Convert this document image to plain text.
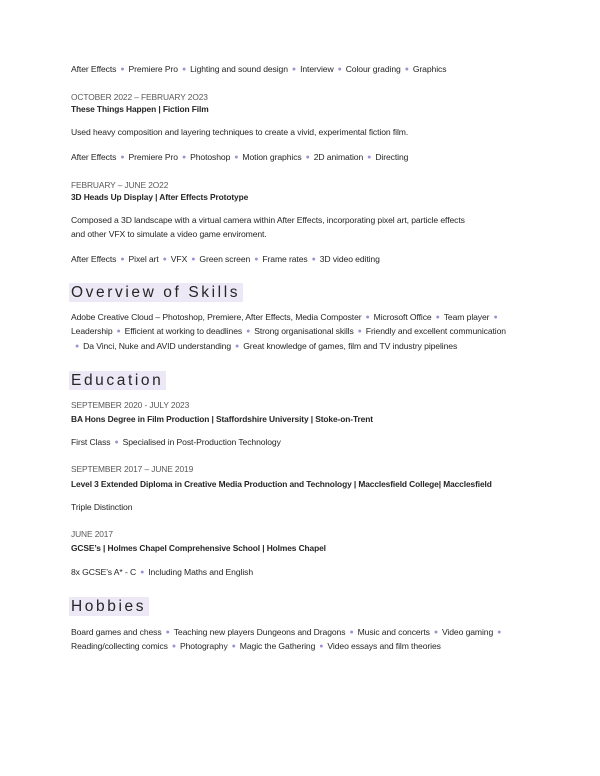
After Effects ● Premiere Pro ● Lighting and sound design ● Interview ● Colour grading ● Graphics
OCTOBER 2022 – FEBRUARY 2O23
These Things Happen | Fiction Film
Used heavy composition and layering techniques to create a vivid, experimental fiction film.
After Effects ● Premiere Pro ● Photoshop ● Motion graphics ● 2D animation ● Directing
FEBRUARY – JUNE 2O22
3D Heads Up Display | After Effects Prototype
Composed a 3D landscape with a virtual camera within After Effects, incorporating pixel art, particle effects
and other VFX to simulate a video game enviroment.
After Effects ● Pixel art ● VFX ● Green screen ● Frame rates ● 3D video editing
Overview of Skills
Adobe Creative Cloud – Photoshop, Premiere, After Effects, Media Composter ● Microsoft Office ● Team player ●
Leadership ● Efficient at working to deadlines ● Strong organisational skills ● Friendly and excellent communication
● Da Vinci, Nuke and AVID understanding ● Great knowledge of games, film and TV industry pipelines
Education
SEPTEMBER 2020 - JULY 2023
BA Hons Degree in Film Production | Staffordshire University | Stoke-on-Trent
First Class ● Specialised in Post-Production Technology
SEPTEMBER 2017 – JUNE 2019
Level 3 Extended Diploma in Creative Media Production and Technology | Macclesfield College| Macclesfield
Triple Distinction
JUNE 2017
GCSE’s | Holmes Chapel Comprehensive School | Holmes Chapel
8x GCSE’s A* - C ● Including Maths and English
Hobbies
Board games and chess ● Teaching new players Dungeons and Dragons ● Music and concerts ● Video gaming ●
Reading/collecting comics ● Photography ● Magic the Gathering ● Video essays and film theories
